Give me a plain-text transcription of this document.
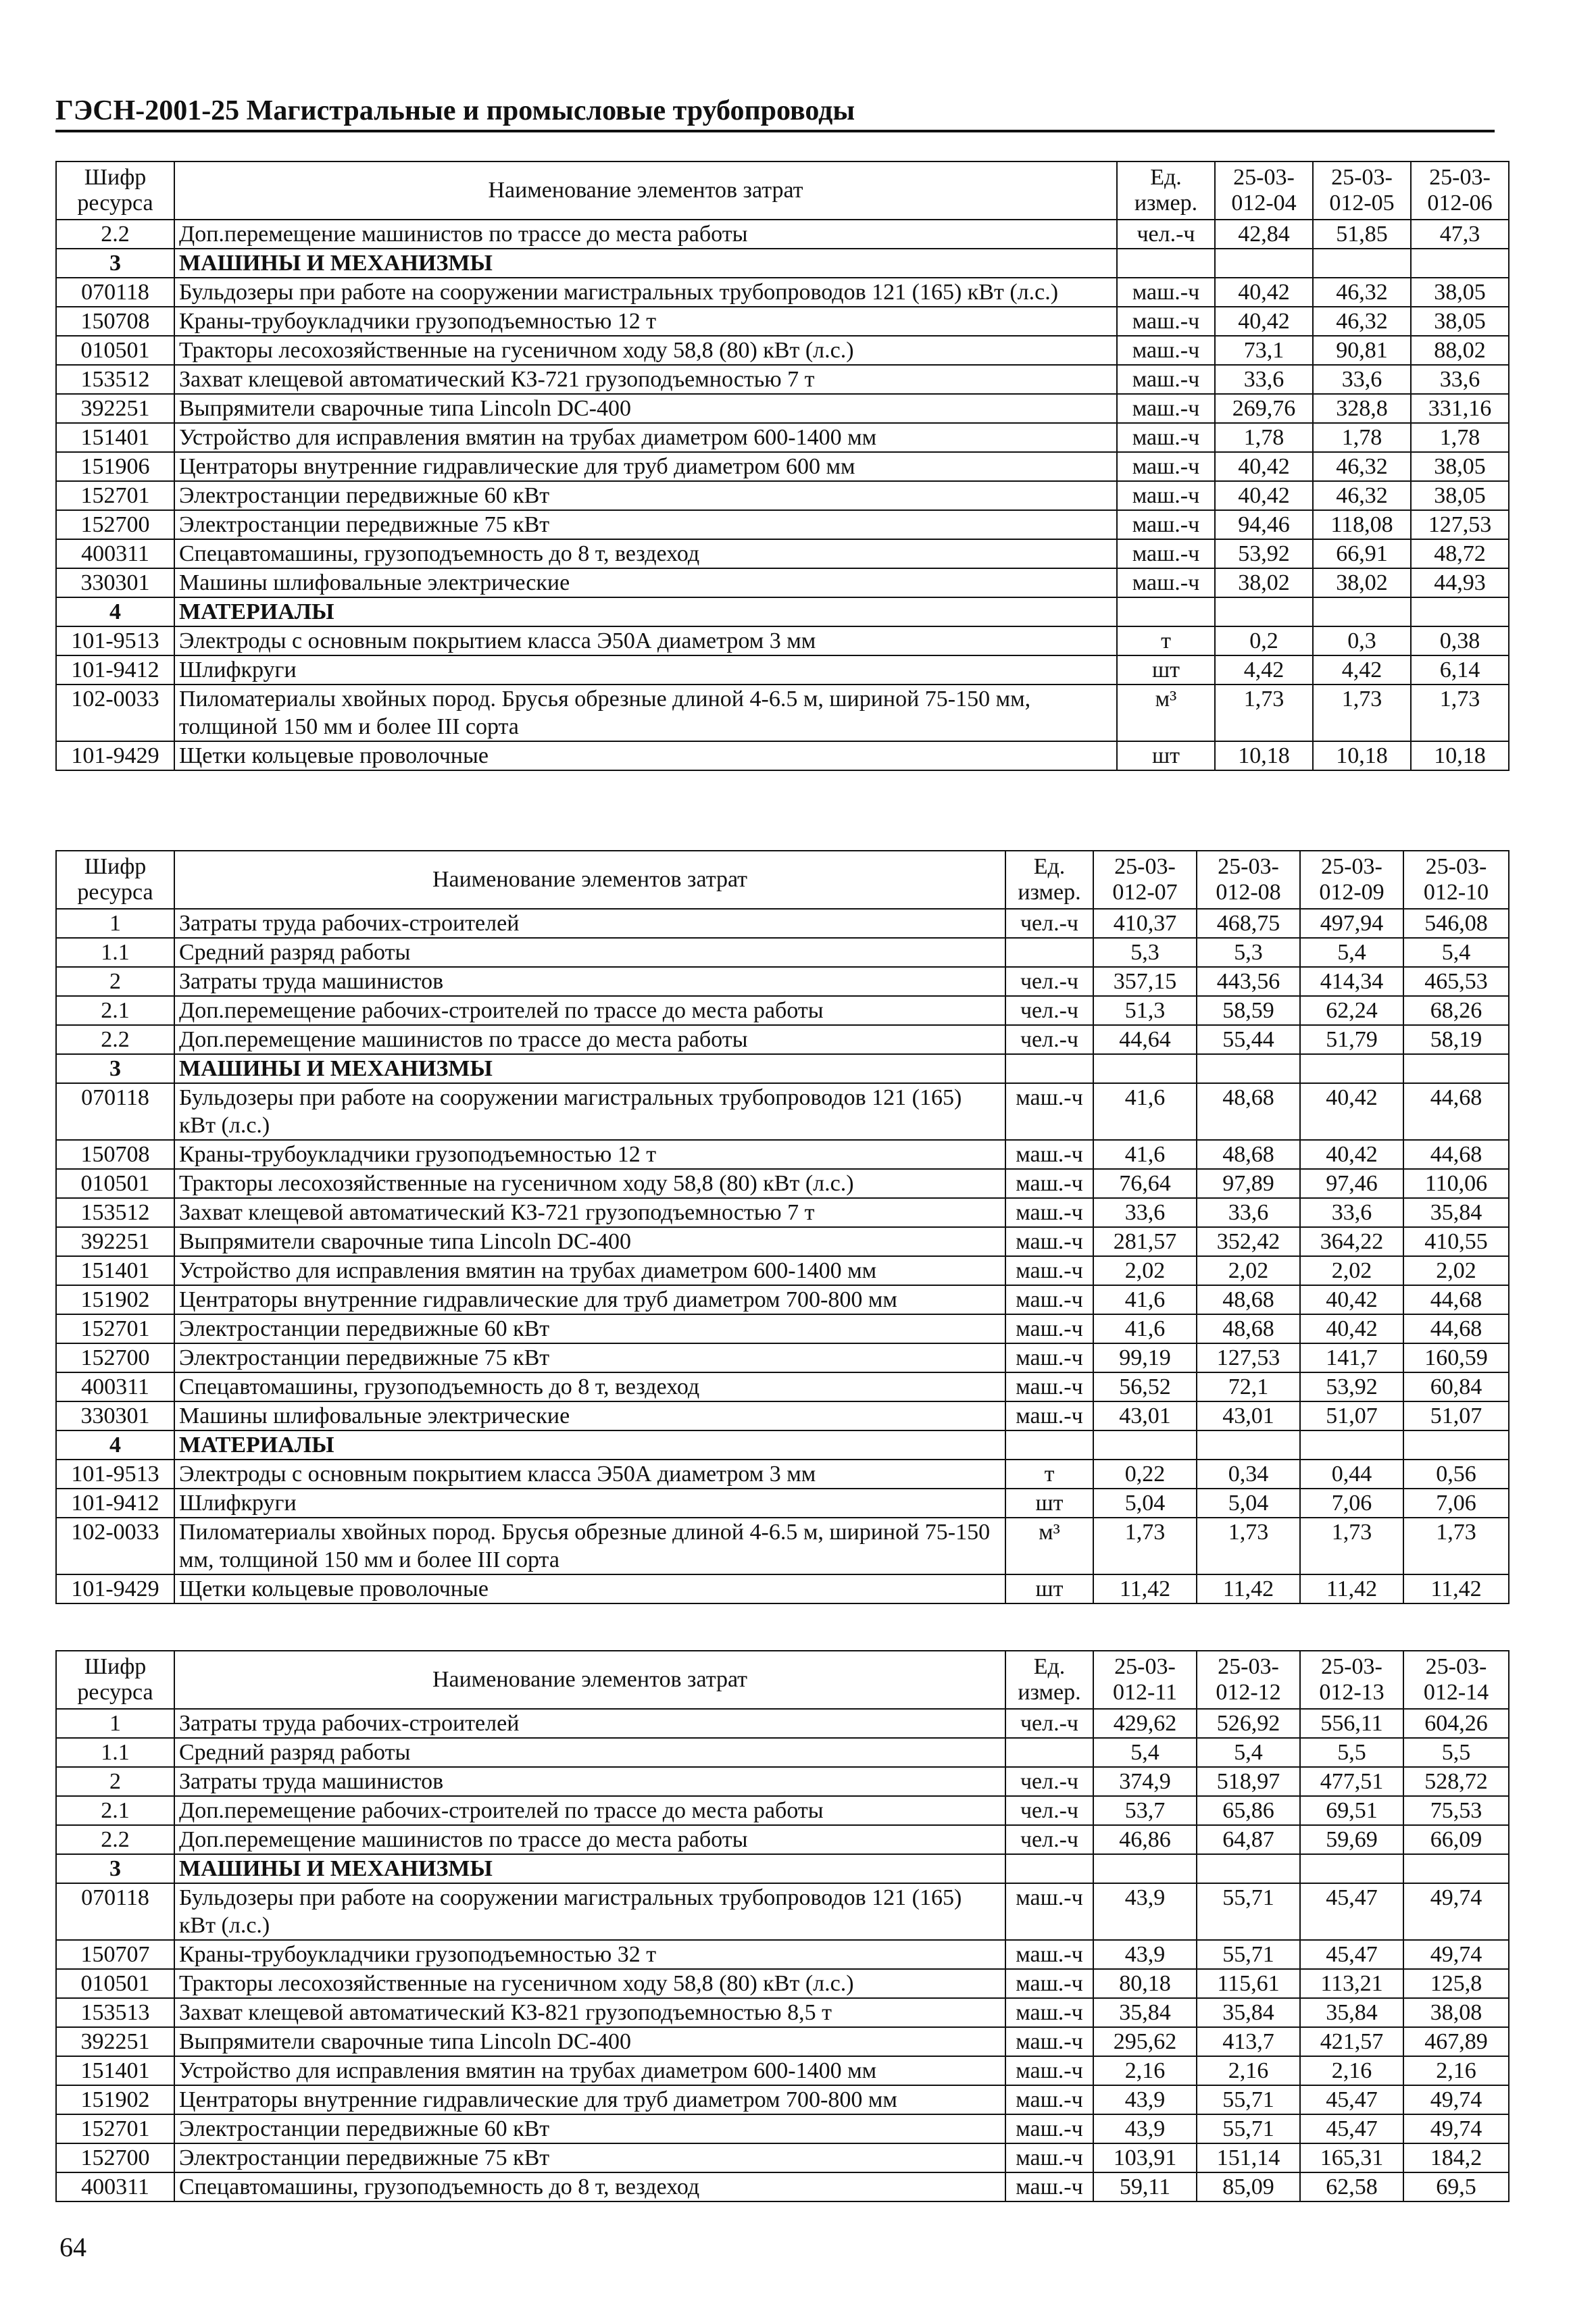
ГЭСН-2001-25 Магистральные и промысловые трубопроводы
Шифр ресурса	Наименование элементов затрат	Ед. измер.	25-03-012-04	25-03-012-05	25-03-012-06
2.2	Доп.перемещение машинистов по трассе до места работы	чел.-ч	42,84	51,85	47,3
3	МАШИНЫ И МЕХАНИЗМЫ				
070118	Бульдозеры при работе на сооружении магистральных трубопроводов 121 (165) кВт (л.с.)	маш.-ч	40,42	46,32	38,05
150708	Краны-трубоукладчики грузоподъемностью 12 т	маш.-ч	40,42	46,32	38,05
010501	Тракторы лесохозяйственные на гусеничном ходу 58,8 (80) кВт (л.с.)	маш.-ч	73,1	90,81	88,02
153512	Захват клещевой автоматический КЗ-721 грузоподъемностью 7 т	маш.-ч	33,6	33,6	33,6
392251	Выпрямители сварочные типа Lincoln DC-400	маш.-ч	269,76	328,8	331,16
151401	Устройство для исправления вмятин на трубах диаметром 600-1400 мм	маш.-ч	1,78	1,78	1,78
151906	Центраторы внутренние гидравлические для труб диаметром 600 мм	маш.-ч	40,42	46,32	38,05
152701	Электростанции передвижные 60 кВт	маш.-ч	40,42	46,32	38,05
152700	Электростанции передвижные 75 кВт	маш.-ч	94,46	118,08	127,53
400311	Спецавтомашины, грузоподъемность до 8 т, вездеход	маш.-ч	53,92	66,91	48,72
330301	Машины шлифовальные электрические	маш.-ч	38,02	38,02	44,93
4	МАТЕРИАЛЫ				
101-9513	Электроды с основным покрытием класса Э50А диаметром 3 мм	т	0,2	0,3	0,38
101-9412	Шлифкруги	шт	4,42	4,42	6,14
102-0033	Пиломатериалы хвойных пород. Брусья обрезные длиной 4-6.5 м, шириной 75-150 мм, толщиной 150 мм и более III сорта	м³	1,73	1,73	1,73
101-9429	Щетки кольцевые проволочные	шт	10,18	10,18	10,18
Шифр ресурса	Наименование элементов затрат	Ед. измер.	25-03-012-07	25-03-012-08	25-03-012-09	25-03-012-10
1	Затраты труда рабочих-строителей	чел.-ч	410,37	468,75	497,94	546,08
1.1	Средний разряд работы		5,3	5,3	5,4	5,4
2	Затраты труда машинистов	чел.-ч	357,15	443,56	414,34	465,53
2.1	Доп.перемещение рабочих-строителей по трассе до места работы	чел.-ч	51,3	58,59	62,24	68,26
2.2	Доп.перемещение машинистов по трассе до места работы	чел.-ч	44,64	55,44	51,79	58,19
3	МАШИНЫ И МЕХАНИЗМЫ					
070118	Бульдозеры при работе на сооружении магистральных трубопроводов 121 (165) кВт (л.с.)	маш.-ч	41,6	48,68	40,42	44,68
150708	Краны-трубоукладчики грузоподъемностью 12 т	маш.-ч	41,6	48,68	40,42	44,68
010501	Тракторы лесохозяйственные на гусеничном ходу 58,8 (80) кВт (л.с.)	маш.-ч	76,64	97,89	97,46	110,06
153512	Захват клещевой автоматический КЗ-721 грузоподъемностью 7 т	маш.-ч	33,6	33,6	33,6	35,84
392251	Выпрямители сварочные типа Lincoln DC-400	маш.-ч	281,57	352,42	364,22	410,55
151401	Устройство для исправления вмятин на трубах диаметром 600-1400 мм	маш.-ч	2,02	2,02	2,02	2,02
151902	Центраторы внутренние гидравлические для труб диаметром 700-800 мм	маш.-ч	41,6	48,68	40,42	44,68
152701	Электростанции передвижные 60 кВт	маш.-ч	41,6	48,68	40,42	44,68
152700	Электростанции передвижные 75 кВт	маш.-ч	99,19	127,53	141,7	160,59
400311	Спецавтомашины, грузоподъемность до 8 т, вездеход	маш.-ч	56,52	72,1	53,92	60,84
330301	Машины шлифовальные электрические	маш.-ч	43,01	43,01	51,07	51,07
4	МАТЕРИАЛЫ					
101-9513	Электроды с основным покрытием класса Э50А диаметром 3 мм	т	0,22	0,34	0,44	0,56
101-9412	Шлифкруги	шт	5,04	5,04	7,06	7,06
102-0033	Пиломатериалы хвойных пород. Брусья обрезные длиной 4-6.5 м, шириной 75-150 мм, толщиной 150 мм и более III сорта	м³	1,73	1,73	1,73	1,73
101-9429	Щетки кольцевые проволочные	шт	11,42	11,42	11,42	11,42
Шифр ресурса	Наименование элементов затрат	Ед. измер.	25-03-012-11	25-03-012-12	25-03-012-13	25-03-012-14
1	Затраты труда рабочих-строителей	чел.-ч	429,62	526,92	556,11	604,26
1.1	Средний разряд работы		5,4	5,4	5,5	5,5
2	Затраты труда машинистов	чел.-ч	374,9	518,97	477,51	528,72
2.1	Доп.перемещение рабочих-строителей по трассе до места работы	чел.-ч	53,7	65,86	69,51	75,53
2.2	Доп.перемещение машинистов по трассе до места работы	чел.-ч	46,86	64,87	59,69	66,09
3	МАШИНЫ И МЕХАНИЗМЫ					
070118	Бульдозеры при работе на сооружении магистральных трубопроводов 121 (165) кВт (л.с.)	маш.-ч	43,9	55,71	45,47	49,74
150707	Краны-трубоукладчики грузоподъемностью 32 т	маш.-ч	43,9	55,71	45,47	49,74
010501	Тракторы лесохозяйственные на гусеничном ходу 58,8 (80) кВт (л.с.)	маш.-ч	80,18	115,61	113,21	125,8
153513	Захват клещевой автоматический КЗ-821 грузоподъемностью 8,5 т	маш.-ч	35,84	35,84	35,84	38,08
392251	Выпрямители сварочные типа Lincoln DC-400	маш.-ч	295,62	413,7	421,57	467,89
151401	Устройство для исправления вмятин на трубах диаметром 600-1400 мм	маш.-ч	2,16	2,16	2,16	2,16
151902	Центраторы внутренние гидравлические для труб диаметром 700-800 мм	маш.-ч	43,9	55,71	45,47	49,74
152701	Электростанции передвижные 60 кВт	маш.-ч	43,9	55,71	45,47	49,74
152700	Электростанции передвижные 75 кВт	маш.-ч	103,91	151,14	165,31	184,2
400311	Спецавтомашины, грузоподъемность до 8 т, вездеход	маш.-ч	59,11	85,09	62,58	69,5
64
